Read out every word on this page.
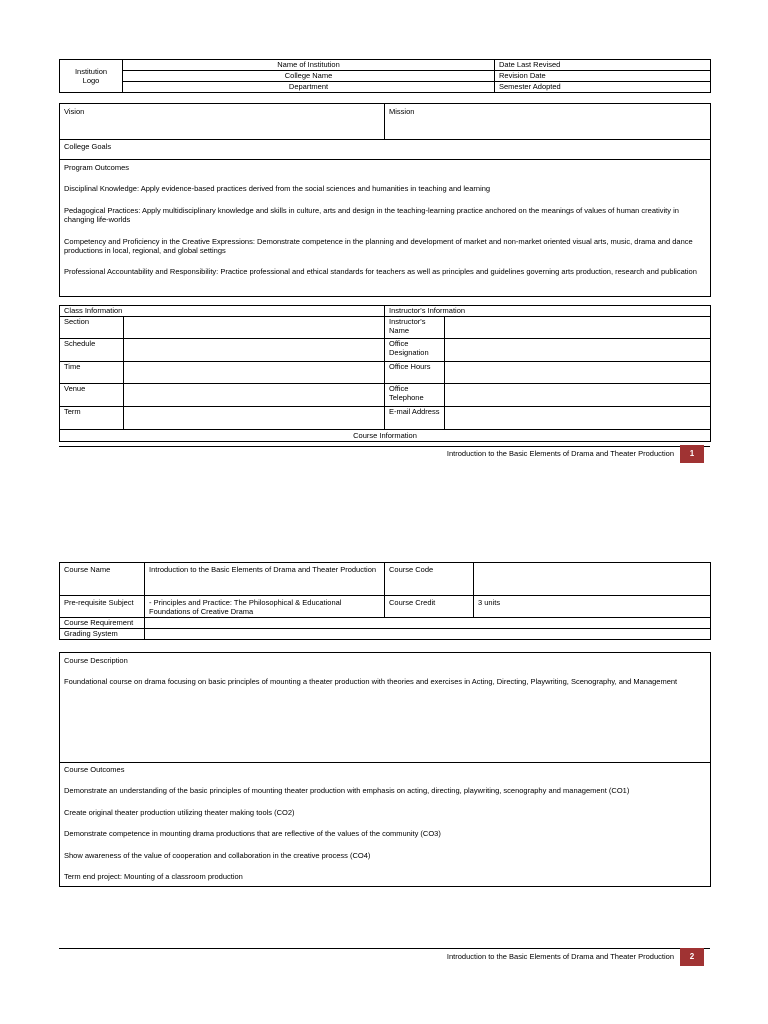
Institution
Logo	Name of Institution	Date Last Revised
	College Name	Revision Date
	Department	Semester Adopted
Vision	Mission
College Goals

Program Outcomes

Disciplinal Knowledge: Apply evidence-based practices derived from the social sciences and humanities in teaching and learning

Pedagogical Practices: Apply multidisciplinary knowledge and skills in culture, arts and design in the teaching-learning practice anchored on the meanings of values of human creativity in changing life-worlds

Competency and Proficiency in the Creative Expressions: Demonstrate competence in the planning and development of market and non-market oriented visual arts, music, drama and dance productions in local, regional, and global settings

Professional Accountability and Responsibility: Practice professional and ethical standards for teachers as well as principles and guidelines governing arts production, research and publication

Class Information		Instructor's Information	
Section		Instructor's Name	
Schedule		Office Designation	
Time		Office Hours	
Venue		Office Telephone	
Term		E-mail Address	
Course Information			
Introduction to the Basic Elements of Drama and Theater Production	1
Course Name	Introduction to the Basic Elements of Drama and Theater Production	Course Code	
Pre-requisite Subject	- Principles and Practice: The Philosophical & Educational Foundations of Creative Drama	Course Credit	3 units
Course Requirement			
Grading System			
Course Description

Foundational course on drama focusing on basic principles of mounting a theater production with theories and exercises in Acting, Directing, Playwriting, Scenography, and Management

Course Outcomes

Demonstrate an understanding of the basic principles of mounting theater production with emphasis on acting, directing, playwriting, scenography and management (CO1)

Create original theater production utilizing theater making tools (CO2)

Demonstrate competence in mounting drama productions that are reflective of the values of the community (CO3)

Show awareness of the value of cooperation and collaboration in the creative process (CO4)

Term end project: Mounting of a classroom production

Introduction to the Basic Elements of Drama and Theater Production	2
